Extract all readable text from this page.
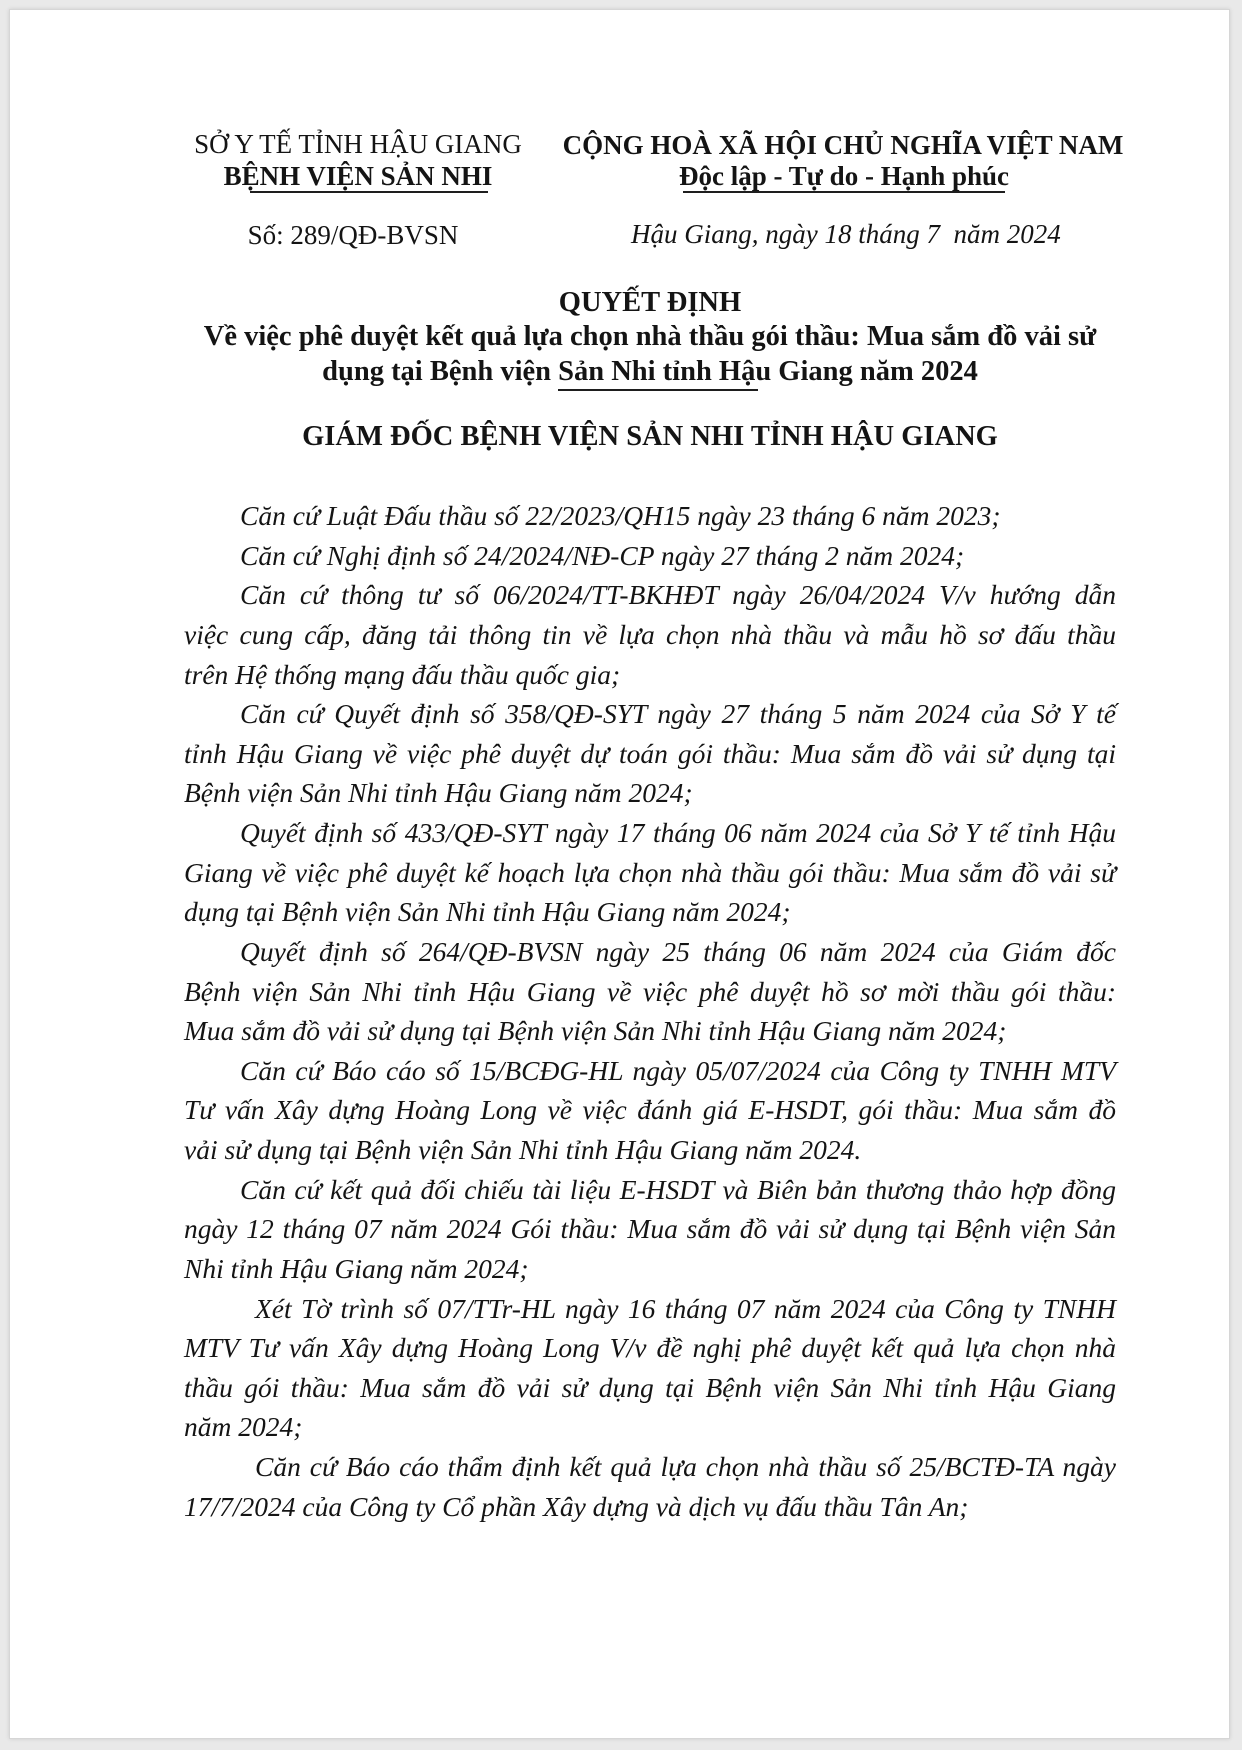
SỞ Y TẾ TỈNH HẬU GIANG
BỆNH VIỆN SẢN NHI
Số: 289/QĐ-BVSN
CỘNG HOÀ XÃ HỘI CHỦ NGHĨA VIỆT NAM
Độc lập - Tự do - Hạnh phúc
Hậu Giang, ngày 18 tháng 7  năm 2024
QUYẾT ĐỊNH
Về việc phê duyệt kết quả lựa chọn nhà thầu gói thầu: Mua sắm đồ vải sử
dụng tại Bệnh viện Sản Nhi tỉnh Hậu Giang năm 2024
GIÁM ĐỐC BỆNH VIỆN SẢN NHI TỈNH HẬU GIANG
Căn cứ Luật Đấu thầu số 22/2023/QH15 ngày 23 tháng 6 năm 2023;
Căn cứ Nghị định số 24/2024/NĐ-CP ngày 27 tháng 2 năm 2024;
Căn cứ thông tư số 06/2024/TT-BKHĐT ngày 26/04/2024 V/v hướng dẫn
việc cung cấp, đăng tải thông tin về lựa chọn nhà thầu và mẫu hồ sơ đấu thầu
trên Hệ thống mạng đấu thầu quốc gia;
Căn cứ Quyết định số 358/QĐ-SYT ngày 27 tháng 5 năm 2024 của Sở Y tế
tỉnh Hậu Giang về việc phê duyệt dự toán gói thầu: Mua sắm đồ vải sử dụng tại
Bệnh viện Sản Nhi tỉnh Hậu Giang năm 2024;
Quyết định số 433/QĐ-SYT ngày 17 tháng 06 năm 2024 của Sở Y tế tỉnh Hậu
Giang về việc phê duyệt kế hoạch lựa chọn nhà thầu gói thầu: Mua sắm đồ vải sử
dụng tại Bệnh viện Sản Nhi tỉnh Hậu Giang năm 2024;
Quyết định số 264/QĐ-BVSN ngày 25 tháng 06 năm 2024 của Giám đốc
Bệnh viện Sản Nhi tỉnh Hậu Giang về việc phê duyệt hồ sơ mời thầu gói thầu:
Mua sắm đồ vải sử dụng tại Bệnh viện Sản Nhi tỉnh Hậu Giang năm 2024;
Căn cứ Báo cáo số 15/BCĐG-HL ngày 05/07/2024 của Công ty TNHH MTV
Tư vấn Xây dựng Hoàng Long về việc đánh giá E-HSDT, gói thầu: Mua sắm đồ
vải sử dụng tại Bệnh viện Sản Nhi tỉnh Hậu Giang năm 2024.
Căn cứ kết quả đối chiếu tài liệu E-HSDT và Biên bản thương thảo hợp đồng
ngày 12 tháng 07 năm 2024 Gói thầu: Mua sắm đồ vải sử dụng tại Bệnh viện Sản
Nhi tỉnh Hậu Giang năm 2024;
Xét Tờ trình số 07/TTr-HL ngày 16 tháng 07 năm 2024 của Công ty TNHH
MTV Tư vấn Xây dựng Hoàng Long V/v đề nghị phê duyệt kết quả lựa chọn nhà
thầu gói thầu: Mua sắm đồ vải sử dụng tại Bệnh viện Sản Nhi tỉnh Hậu Giang
năm 2024;
Căn cứ Báo cáo thẩm định kết quả lựa chọn nhà thầu số 25/BCTĐ-TA ngày
17/7/2024 của Công ty Cổ phần Xây dựng và dịch vụ đấu thầu Tân An;
